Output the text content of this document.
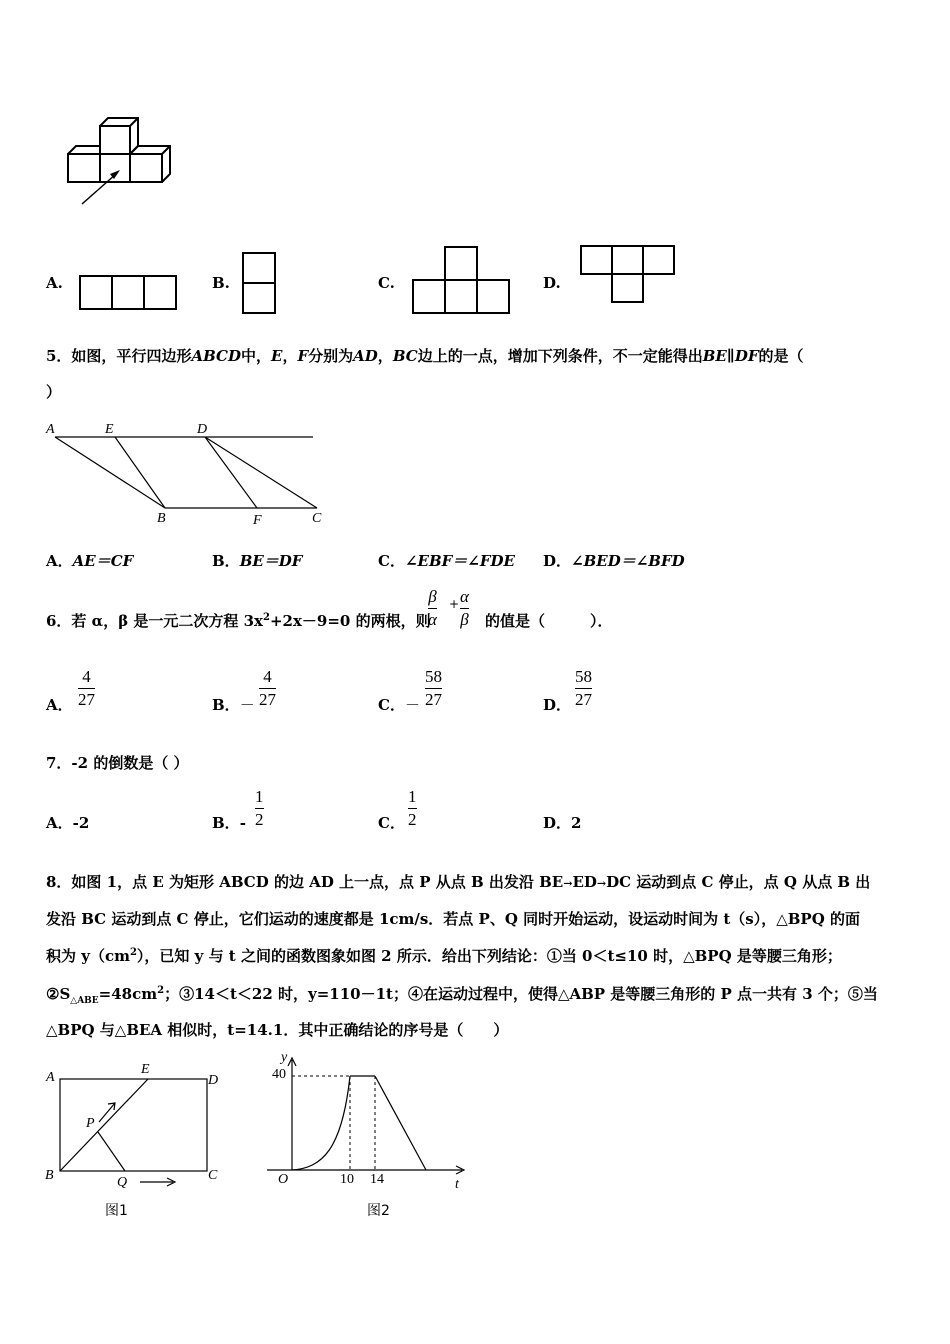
A.	B.	C.	D.
5．如图，平行四边形ABCD中，E，F分别为AD，BC边上的一点，增加下列条件，不一定能得出BE∥DF的是（
）
A	E	D
B	F	C
A．AE＝CF	B．BE＝DF	C．∠EBF＝∠FDE D．∠BED＝∠BFD
6．若 α，β 是一元二次方程 $3x^2+2x-9=0$ 的两根，则
β
α
+ α
β 的值是（　　　）．
A．
4
27	B．－
4
27	C．－
58
27	D．
58
27
7．-2 的倒数是（ ）
A．-2	B．-
1
2	C．
1
2	D．2
8．如图 1，点 E 为矩形 ABCD 的边 AD 上一点，点 P 从点 B 出发沿 BE→ED→DC 运动到点 C 停止，点 Q 从点 B 出
发沿 BC 运动到点 C 停止，它们运动的速度都是 1cm/s．若点 P、Q 同时开始运动，设运动时间为 t（s），△BPQ 的面
积为 $y(cm^2)$，已知 y 与 t 之间的函数图象如图 2 所示．给出下列结论：①当 0＜t≤10 时，△BPQ 是等腰三角形；
$②S_{\triangle ABE}=48cm^2$；③14＜t＜22 时，y=110－1t；④在运动过程中，使得△ABP 是等腰三角形的 P 点一共有 3 个；⑤当
△BPQ 与△BEA 相似时，t=14.1．其中正确结论的序号是（　　）
A
E
D
P
B	Q	C
图1
y
40
O	10 14	t
图2
